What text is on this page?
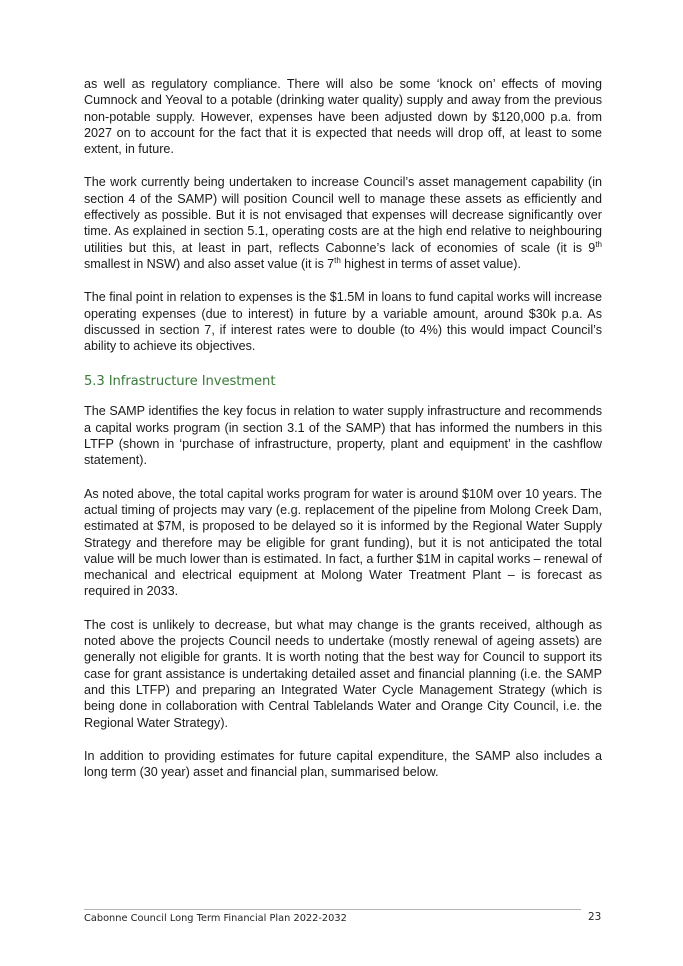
as well as regulatory compliance. There will also be some ‘knock on’ effects of moving Cumnock and Yeoval to a potable (drinking water quality) supply and away from the previous non-potable supply. However, expenses have been adjusted down by $120,000 p.a. from 2027 on to account for the fact that it is expected that needs will drop off, at least to some extent, in future.

The work currently being undertaken to increase Council’s asset management capability (in section 4 of the SAMP) will position Council well to manage these assets as efficiently and effectively as possible. But it is not envisaged that expenses will decrease significantly over time. As explained in section 5.1, operating costs are at the high end relative to neighbouring utilities but this, at least in part, reflects Cabonne’s lack of economies of scale (it is 9th smallest in NSW) and also asset value (it is 7th highest in terms of asset value).

The final point in relation to expenses is the $1.5M in loans to fund capital works will increase operating expenses (due to interest) in future by a variable amount, around $30k p.a. As discussed in section 7, if interest rates were to double (to 4%) this would impact Council’s ability to achieve its objectives.

5.3 Infrastructure Investment

The SAMP identifies the key focus in relation to water supply infrastructure and recommends a capital works program (in section 3.1 of the SAMP) that has informed the numbers in this LTFP (shown in ‘purchase of infrastructure, property, plant and equipment’ in the cashflow statement).

As noted above, the total capital works program for water is around $10M over 10 years. The actual timing of projects may vary (e.g. replacement of the pipeline from Molong Creek Dam, estimated at $7M, is proposed to be delayed so it is informed by the Regional Water Supply Strategy and therefore may be eligible for grant funding), but it is not anticipated the total value will be much lower than is estimated. In fact, a further $1M in capital works – renewal of mechanical and electrical equipment at Molong Water Treatment Plant – is forecast as required in 2033.

The cost is unlikely to decrease, but what may change is the grants received, although as noted above the projects Council needs to undertake (mostly renewal of ageing assets) are generally not eligible for grants. It is worth noting that the best way for Council to support its case for grant assistance is undertaking detailed asset and financial planning (i.e. the SAMP and this LTFP) and preparing an Integrated Water Cycle Management Strategy (which is being done in collaboration with Central Tablelands Water and Orange City Council, i.e. the Regional Water Strategy).

In addition to providing estimates for future capital expenditure, the SAMP also includes a long term (30 year) asset and financial plan, summarised below.

Cabonne Council Long Term Financial Plan 2022-2032	23
